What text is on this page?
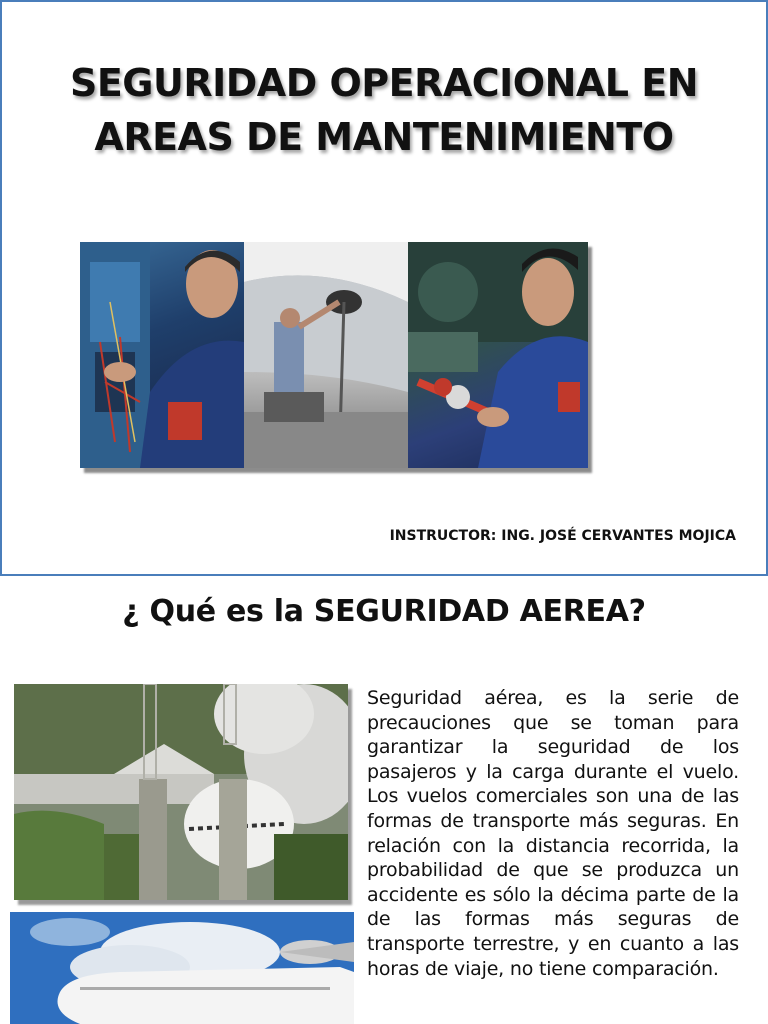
SEGURIDAD OPERACIONAL EN
AREAS DE MANTENIMIENTO
INSTRUCTOR: ING. JOSÉ CERVANTES MOJICA
¿ Qué es la SEGURIDAD AEREA?
Seguridad aérea, es la serie de precauciones que se toman para garantizar la seguridad de los pasajeros y la carga durante el vuelo. Los vuelos comerciales son una de las formas de transporte más seguras. En relación con la distancia recorrida, la probabilidad de que se produzca un accidente es sólo la décima parte de la de las formas más seguras de transporte terrestre, y en cuanto a las horas de viaje, no tiene comparación.
